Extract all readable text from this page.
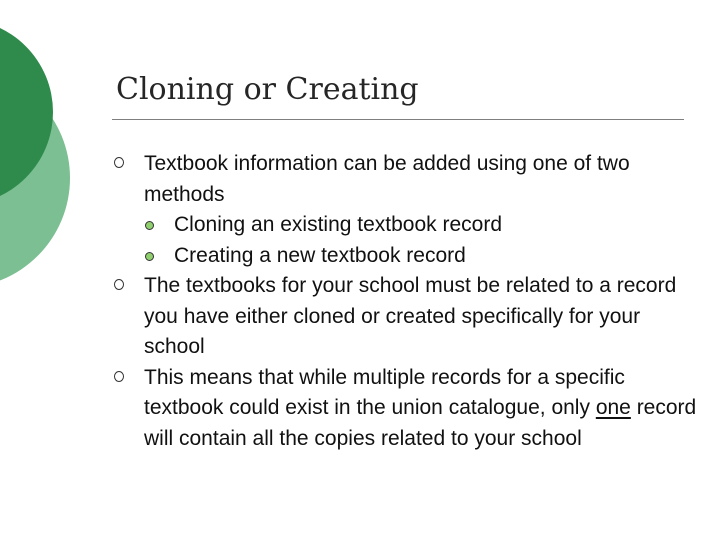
Cloning or Creating
Textbook information can be added using one of two methods
Cloning an existing textbook record
Creating a new textbook record
The textbooks for your school must be related to a record you have either cloned or created specifically for your school
This means that while multiple records for a specific textbook could exist in the union catalogue, only one record will contain all the copies related to your school
